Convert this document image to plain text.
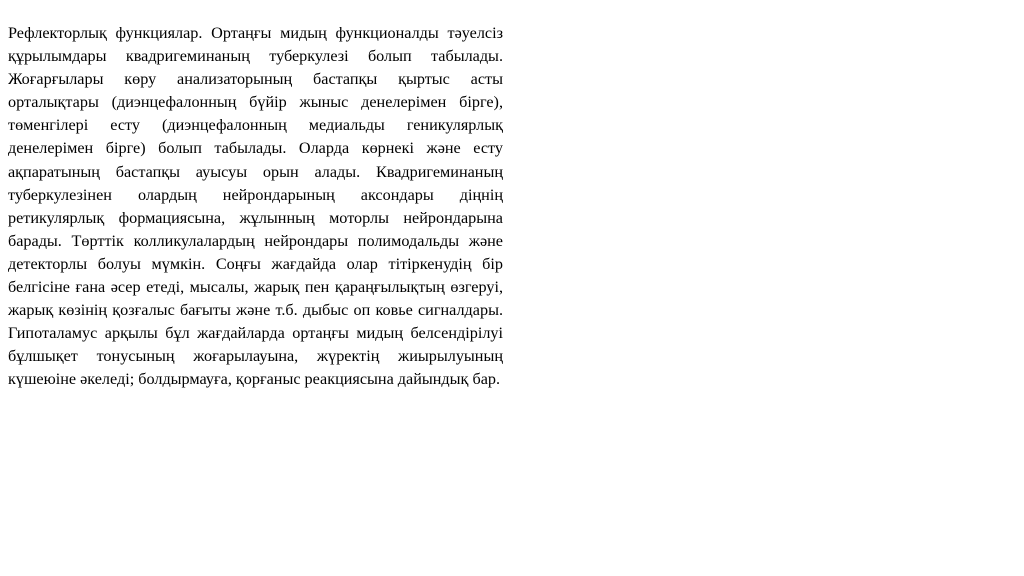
Рефлекторлық функциялар. Ортаңғы мидың функционалды тәуелсіз құрылымдары квадригеминаның туберкулезі болып табылады. Жоғарғылары көру анализаторының бастапқы қыртыс асты орталықтары (диэнцефалонның бүйір жыныс денелерімен бірге), төменгілері есту (диэнцефалонның медиальды геникулярлық денелерімен бірге) болып табылады. Оларда көрнекі және есту ақпаратының бастапқы ауысуы орын алады. Квадригеминаның туберкулезінен олардың нейрондарының аксондары діңнің ретикулярлық формациясына, жұлынның моторлы нейрондарына барады. Төрттік колликулалардың нейрондары полимодальды және детекторлы болуы мүмкін. Соңғы жағдайда олар тітіркенудің бір белгісіне ғана әсер етеді, мысалы, жарық пен қараңғылықтың өзгеруі, жарық көзінің қозғалыс бағыты және т.б. дыбыс оп ковье сигналдары. Гипоталамус арқылы бұл жағдайларда ортаңғы мидың белсендірілуі бұлшықет тонусының жоғарылауына, жүректің жиырылуының күшеюіне әкеледі; болдырмауға, қорғаныс реакциясына дайындық бар.
